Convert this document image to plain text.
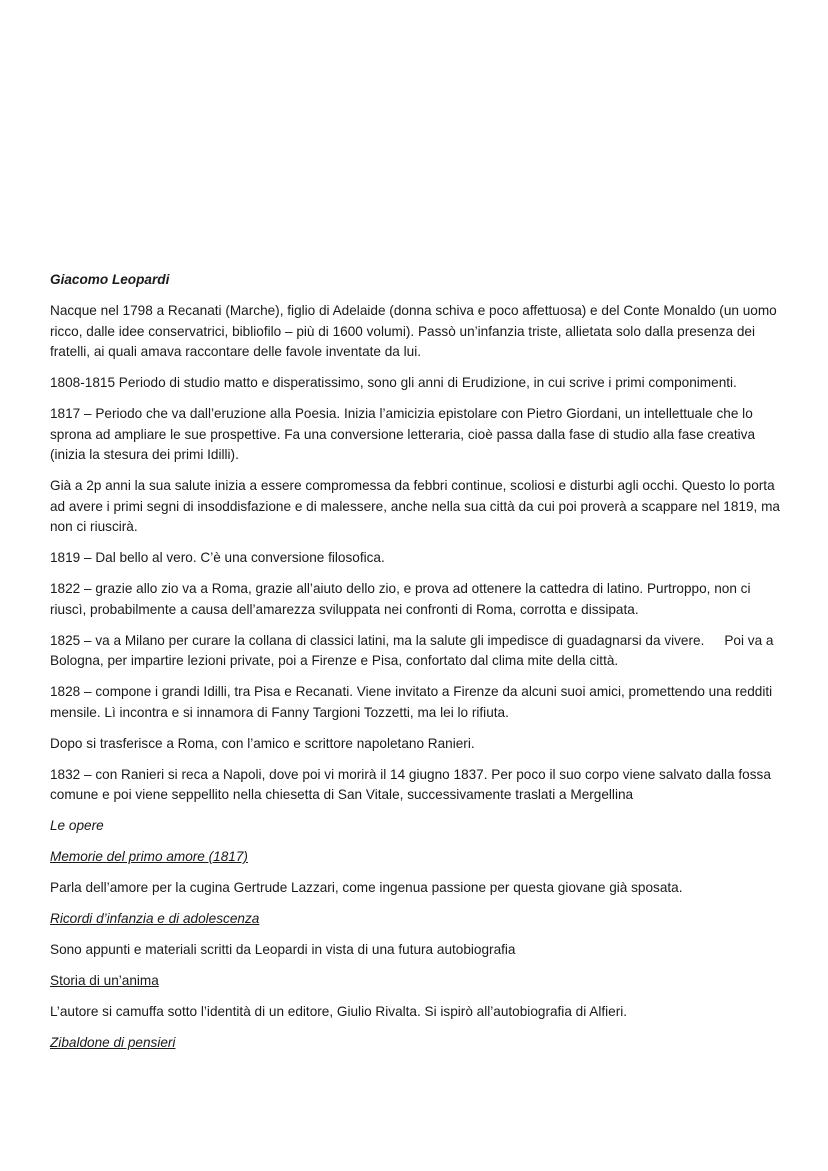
Giacomo Leopardi

Nacque nel 1798 a Recanati (Marche), figlio di Adelaide (donna schiva e poco affettuosa) e del Conte Monaldo (un uomo ricco, dalle idee conservatrici, bibliofilo – più di 1600 volumi). Passò un’infanzia triste, allietata solo dalla presenza dei fratelli, ai quali amava raccontare delle favole inventate da lui.

1808-1815 Periodo di studio matto e disperatissimo, sono gli anni di Erudizione, in cui scrive i primi componimenti.

1817 – Periodo che va dall’eruzione alla Poesia. Inizia l’amicizia epistolare con Pietro Giordani, un intellettuale che lo sprona ad ampliare le sue prospettive. Fa una conversione letteraria, cioè passa dalla fase di studio alla fase creativa (inizia la stesura dei primi Idilli).

Già a 2p anni la sua salute inizia a essere compromessa da febbri continue, scoliosi e disturbi agli occhi. Questo lo porta ad avere i primi segni di insoddisfazione e di malessere, anche nella sua città da cui poi proverà a scappare nel 1819, ma non ci riuscirà.

1819 – Dal bello al vero. C’è una conversione filosofica.

1822 – grazie allo zio va a Roma, grazie all’aiuto dello zio, e prova ad ottenere la cattedra di latino. Purtroppo, non ci riuscì, probabilmente a causa dell’amarezza sviluppata nei confronti di Roma, corrotta e dissipata.

1825 – va a Milano per curare la collana di classici latini, ma la salute gli impedisce di guadagnarsi da vivere. Poi va a Bologna, per impartire lezioni private, poi a Firenze e Pisa, confortato dal clima mite della città.

1828 – compone i grandi Idilli, tra Pisa e Recanati. Viene invitato a Firenze da alcuni suoi amici, promettendo una redditi mensile. Lì incontra e si innamora di Fanny Targioni Tozzetti, ma lei lo rifiuta.

Dopo si trasferisce a Roma, con l’amico e scrittore napoletano Ranieri.

1832 – con Ranieri si reca a Napoli, dove poi vi morirà il 14 giugno 1837. Per poco il suo corpo viene salvato dalla fossa comune e poi viene seppellito nella chiesetta di San Vitale, successivamente traslati a Mergellina

Le opere

Memorie del primo amore (1817)

Parla dell’amore per la cugina Gertrude Lazzari, come ingenua passione per questa giovane già sposata.

Ricordi d’infanzia e di adolescenza

Sono appunti e materiali scritti da Leopardi in vista di una futura autobiografia

Storia di un’anima

L’autore si camuffa sotto l’identità di un editore, Giulio Rivalta. Si ispirò all’autobiografia di Alfieri.

Zibaldone di pensieri
